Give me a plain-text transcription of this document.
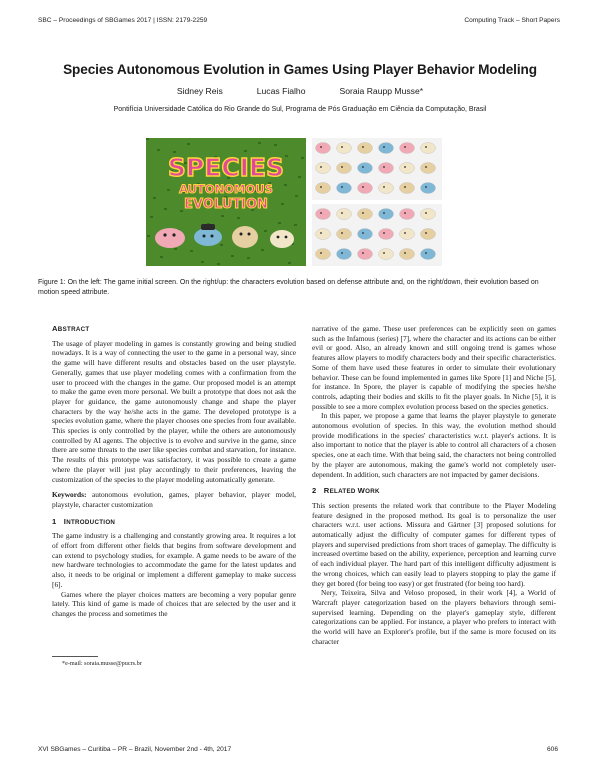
SBC – Proceedings of SBGames 2017 | ISSN: 2179-2259	Computing Track – Short Papers
Species Autonomous Evolution in Games Using Player Behavior Modeling
Sidney Reis	Lucas Fialho	Soraia Raupp Musse*
Pontifícia Universidade Católica do Rio Grande do Sul, Programa de Pós Graduação em Ciência da Computação, Brasil
SPECIES
AUTONOMOUS
EVOLUTION
Figure 1: On the left: The game initial screen. On the right/up: the characters evolution based on defense attribute and, on the right/down, their evolution based on motion speed attribute.
ABSTRACT

The usage of player modeling in games is constantly growing and being studied nowadays. It is a way of connecting the user to the game in a personal way, since the game will have different results and obstacles based on the user playstyle. Generally, games that use player modeling comes with a confirmation from the user to proceed with the changes in the game. Our proposed model is an attempt to make the game even more personal. We built a prototype that does not ask the player for guidance, the game autonomously change and shape the player characters by the way he/she acts in the game. The developed prototype is a species evolution game, where the player chooses one species from four available. This species is only controlled by the player, while the others are autonomously controlled by AI agents. The objective is to evolve and survive in the game, since there are some threats to the user like species combat and starvation, for instance. The results of this prototype was satisfactory, it was possible to create a game where the player will just play accordingly to their preferences, leaving the customization of the species to the player modeling automatically generate.

Keywords: autonomous evolution, games, player behavior, player model, playstyle, character customization

1 INTRODUCTION

The game industry is a challenging and constantly growing area. It requires a lot of effort from different other fields that begins from software development and can extend to psychology studies, for example. A game needs to be aware of the new hardware technologies to accommodate the game for the latest updates and also, it needs to be original or implement a different gameplay to make success [6].

Games where the player choices matters are becoming a very popular genre lately. This kind of game is made of choices that are selected by the user and it changes the process and sometimes the

narrative of the game. These user preferences can be explicitly seen on games such as the Infamous (series) [7], where the character and its actions can be either evil or good. Also, an already known and still ongoing trend is games whose features allow players to modify characters body and their specific characteristics. Some of them have used these features in order to simulate their evolutionary behavior. These can be found implemented in games like Spore [1] and Niche [5], for instance. In Spore, the player is capable of modifying the species he/she controls, adapting their bodies and skills to fit the player goals. In Niche [5], it is possible to see a more complex evolution process based on the species genetics.

In this paper, we propose a game that learns the player playstyle to generate autonomous evolution of species. In this way, the evolution method should provide modifications in the species' characteristics w.r.t. player's actions. It is also important to notice that the player is able to control all characters of a chosen species, one at each time. With that being said, the characters not being controlled by the player are autonomous, making the game's world not completely user-dependent. In addition, such characters are not impacted by gamer decisions.

2 RELATED WORK

This section presents the related work that contribute to the Player Modeling feature designed in the proposed method. Its goal is to personalize the user characters w.r.t. user actions. Missura and Gärtner [3] proposed solutions for automatically adjust the difficulty of computer games for different types of players and supervised predictions from short traces of gameplay. The difficulty is increased overtime based on the ability, experience, perception and learning curve of each individual player. The hard part of this intelligent difficulty adjustment is the wrong choices, which can easily lead to players stopping to play the game if they get bored (for being too easy) or get frustrated (for being too hard).

Nery, Teixeira, Silva and Veloso proposed, in their work [4], a World of Warcraft player categorization based on the players behaviors through semi-supervised learning. Depending on the player's gameplay style, different categorizations can be applied. For instance, a player who prefers to interact with the world will have an Explorer's profile, but if the same is more focused on its character

*e-mail: soraia.musse@pucrs.br
XVI SBGames – Curitiba – PR – Brazil, November 2nd - 4th, 2017	606
